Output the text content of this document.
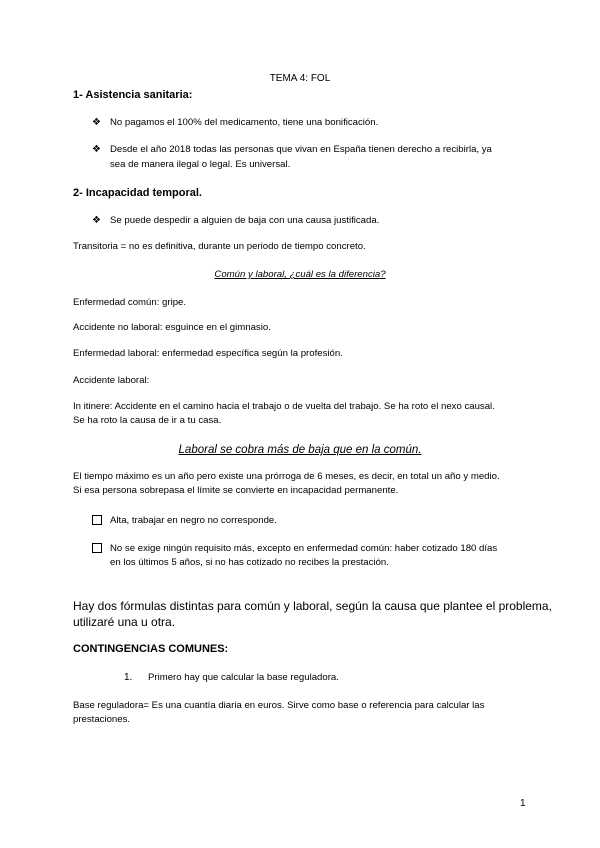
TEMA 4: FOL
1- Asistencia sanitaria:
❖ No pagamos el 100% del medicamento, tiene una bonificación.
❖ Desde el año 2018 todas las personas que vivan en España tienen derecho a recibirla, ya
sea de manera ilegal o legal. Es universal.
2- Incapacidad temporal.
❖ Se puede despedir a alguien de baja con una causa justificada.
Transitoria = no es definitiva, durante un periodo de tiempo concreto.
Común y laboral, ¿cuál es la diferencia?
Enfermedad común: gripe.
Accidente no laboral: esguince en el gimnasio.
Enfermedad laboral: enfermedad específica según la profesión.
Accidente laboral:
In itinere: Accidente en el camino hacia el trabajo o de vuelta del trabajo. Se ha roto el nexo causal.
Se ha roto la causa de ir a tu casa.
Laboral se cobra más de baja que en la común.
El tiempo máximo es un año pero existe una prórroga de 6 meses, es decir, en total un año y medio.
Si esa persona sobrepasa el límite se convierte en incapacidad permanente.
Alta, trabajar en negro no corresponde.
No se exige ningún requisito más, excepto en enfermedad común: haber cotizado 180 días
en los últimos 5 años, si no has cotizado no recibes la prestación.
Hay dos fórmulas distintas para común y laboral, según la causa que plantee el problema,
utilizaré una u otra.
CONTINGENCIAS COMUNES:
1. Primero hay que calcular la base reguladora.
Base reguladora= Es una cuantía diaria en euros. Sirve como base o referencia para calcular las
prestaciones.
1
